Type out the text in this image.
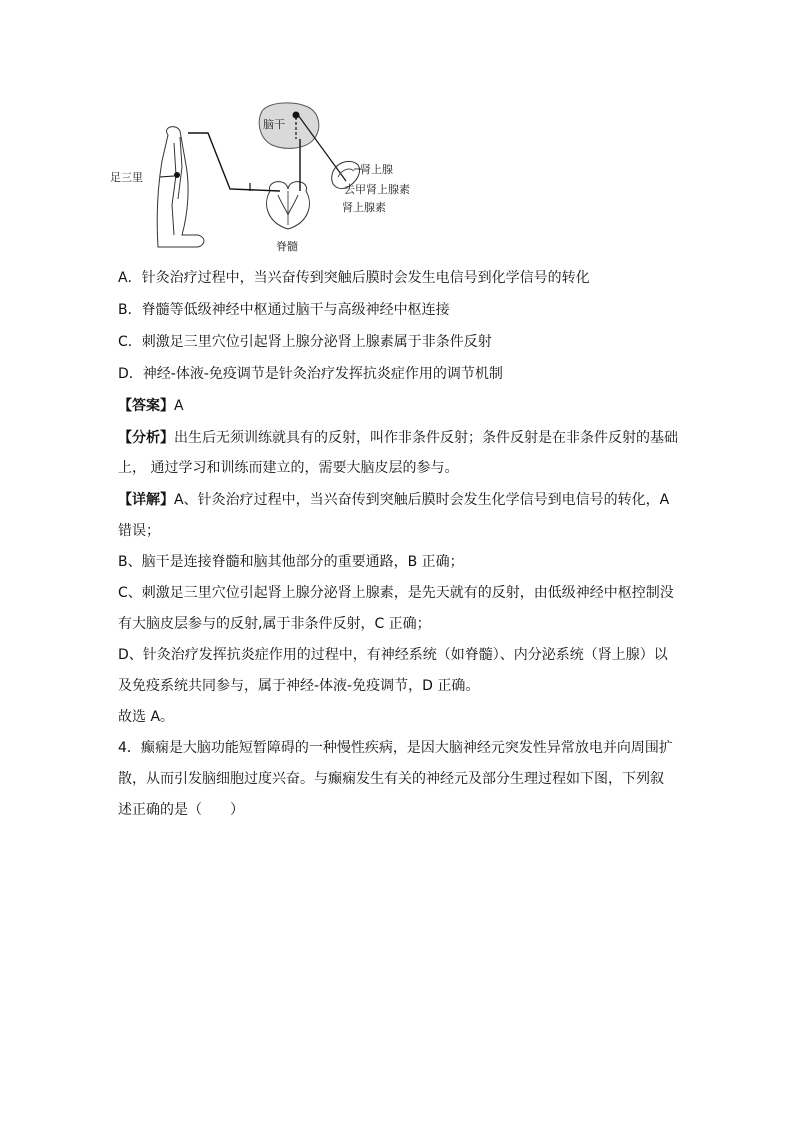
脑干
足三里
脊髓
肾上腺
去甲肾上腺素
肾上腺素
A．针灸治疗过程中，当兴奋传到突触后膜时会发生电信号到化学信号的转化
B．脊髓等低级神经中枢通过脑干与高级神经中枢连接
C．刺激足三里穴位引起肾上腺分泌肾上腺素属于非条件反射
D．神经-体液-免疫调节是针灸治疗发挥抗炎症作用的调节机制
【答案】A
【分析】出生后无须训练就具有的反射，叫作非条件反射；条件反射是在非条件反射的基础
上， 通过学习和训练而建立的，需要大脑皮层的参与。
【详解】A、针灸治疗过程中，当兴奋传到突触后膜时会发生化学信号到电信号的转化，A
错误；
B、脑干是连接脊髓和脑其他部分的重要通路，B 正确；
C、刺激足三里穴位引起肾上腺分泌肾上腺素，是先天就有的反射，由低级神经中枢控制没
有大脑皮层参与的反射,属于非条件反射，C 正确；
D、针灸治疗发挥抗炎症作用的过程中，有神经系统（如脊髓）、内分泌系统（肾上腺）以
及免疫系统共同参与，属于神经-体液-免疫调节，D 正确。
故选 A。
4．癫痫是大脑功能短暂障碍的一种慢性疾病，是因大脑神经元突发性异常放电并向周围扩
散，从而引发脑细胞过度兴奋。与癫痫发生有关的神经元及部分生理过程如下图，下列叙
述正确的是（　　）
